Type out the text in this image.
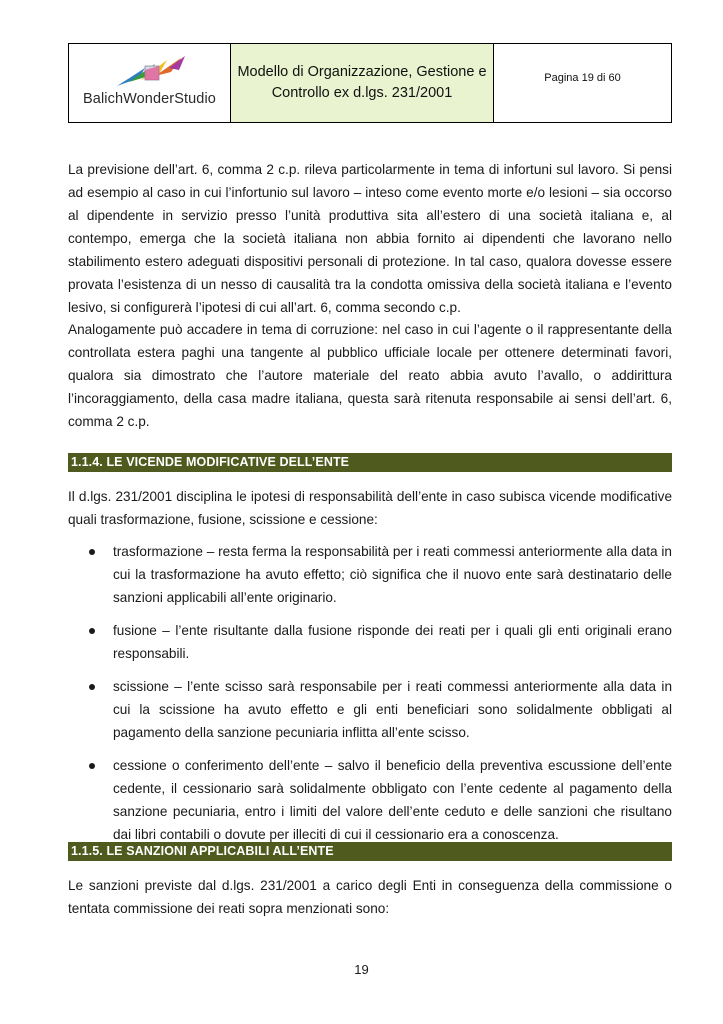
BalichWonderStudio
Modello di Organizzazione, Gestione e
Controllo ex d.lgs. 231/2001
Pagina 19 di 60

La previsione dell’art. 6, comma 2 c.p. rileva particolarmente in tema di infortuni sul lavoro. Si pensi ad esempio al caso in cui l’infortunio sul lavoro – inteso come evento morte e/o lesioni – sia occorso al dipendente in servizio presso l’unità produttiva sita all’estero di una società italiana e, al contempo, emerga che la società italiana non abbia fornito ai dipendenti che lavorano nello stabilimento estero adeguati dispositivi personali di protezione. In tal caso, qualora dovesse essere provata l’esistenza di un nesso di causalità tra la condotta omissiva della società italiana e l’evento lesivo, si configurerà l’ipotesi di cui all’art. 6, comma secondo c.p.

Analogamente può accadere in tema di corruzione: nel caso in cui l’agente o il rappresentante della controllata estera paghi una tangente al pubblico ufficiale locale per ottenere determinati favori, qualora sia dimostrato che l’autore materiale del reato abbia avuto l’avallo, o addirittura l’incoraggiamento, della casa madre italiana, questa sarà ritenuta responsabile ai sensi dell’art. 6, comma 2 c.p.

1.1.4. LE VICENDE MODIFICATIVE DELL’ENTE

Il d.lgs. 231/2001 disciplina le ipotesi di responsabilità dell’ente in caso subisca vicende modificative quali trasformazione, fusione, scissione e cessione:

trasformazione – resta ferma la responsabilità per i reati commessi anteriormente alla data in cui la trasformazione ha avuto effetto; ciò significa che il nuovo ente sarà destinatario delle sanzioni applicabili all’ente originario.
fusione – l’ente risultante dalla fusione risponde dei reati per i quali gli enti originali erano responsabili.
scissione – l’ente scisso sarà responsabile per i reati commessi anteriormente alla data in cui la scissione ha avuto effetto e gli enti beneficiari sono solidalmente obbligati al pagamento della sanzione pecuniaria inflitta all’ente scisso.
cessione o conferimento dell’ente – salvo il beneficio della preventiva escussione dell’ente cedente, il cessionario sarà solidalmente obbligato con l’ente cedente al pagamento della sanzione pecuniaria, entro i limiti del valore dell’ente ceduto e delle sanzioni che risultano dai libri contabili o dovute per illeciti di cui il cessionario era a conoscenza.
1.1.5. LE SANZIONI APPLICABILI ALL’ENTE

Le sanzioni previste dal d.lgs. 231/2001 a carico degli Enti in conseguenza della commissione o tentata commissione dei reati sopra menzionati sono:

19
